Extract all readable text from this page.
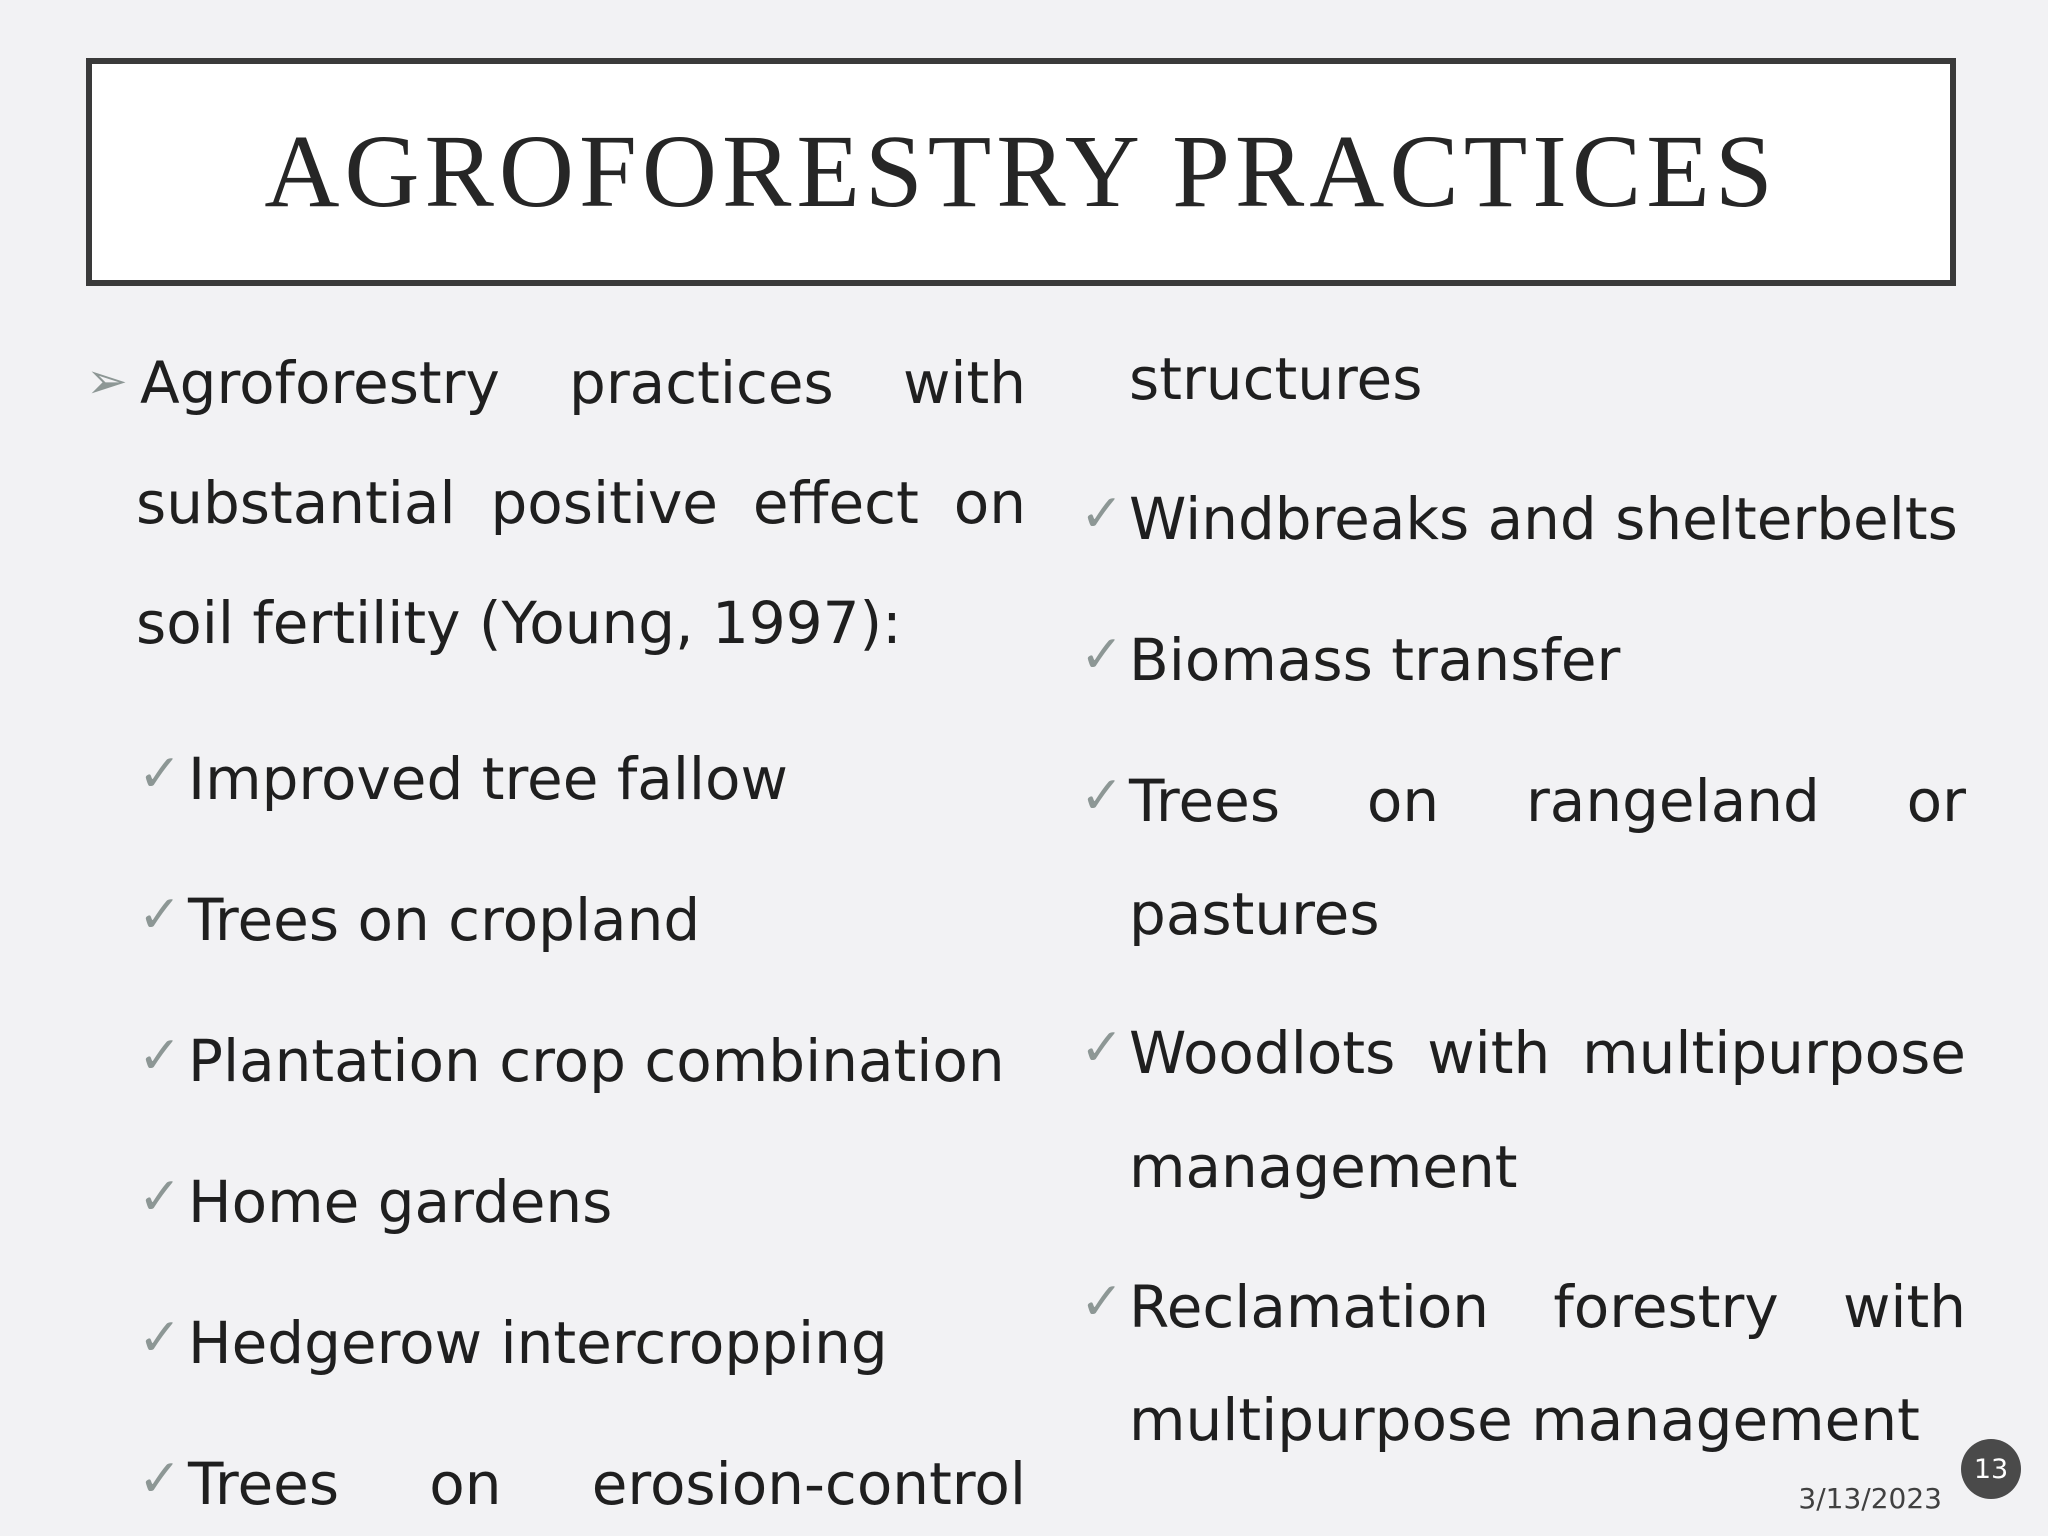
AGROFORESTRY PRACTICES
➢ Agroforestry practices with
substantial positive effect on
soil fertility (Young, 1997):
✓ Improved tree fallow
✓ Trees on cropland
✓ Plantation crop combination
✓ Home gardens
✓ Hedgerow intercropping
✓ Trees on erosion-control
structures
✓ Windbreaks and shelterbelts
✓ Biomass transfer
✓ Trees on rangeland or
pastures
✓ Woodlots with multipurpose
management
✓ Reclamation forestry with
multipurpose management
13
3/13/2023
